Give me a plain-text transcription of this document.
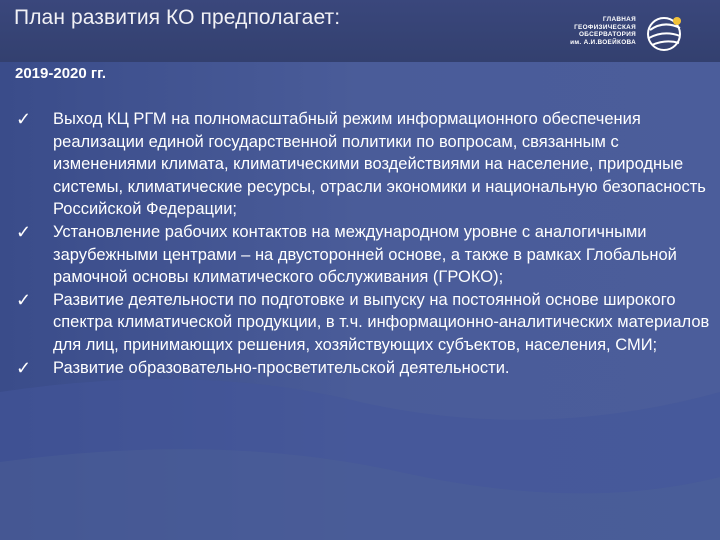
План развития КО предполагает:	ГЛАВНАЯ
ГЕОФИЗИЧЕСКАЯ
ОБСЕРВАТОРИЯ
им. А.И.ВОЕЙКОВА
2019-2020 гг.
✓ Выход КЦ РГМ на полномасштабный режим информационного обеспечения реализации единой государственной политики по вопросам, связанным с изменениями климата, климатическими воздействиями на население, природные системы, климатические ресурсы, отрасли экономики и национальную безопасность Российской Федерации;
✓ Установление рабочих контактов на международном уровне с аналогичными зарубежными центрами – на двусторонней основе, а также в рамках Глобальной рамочной основы климатического обслуживания (ГРОКО);
✓ Развитие деятельности по подготовке и выпуску на постоянной основе широкого спектра климатической продукции, в т.ч. информационно-аналитических материалов для лиц, принимающих решения, хозяйствующих субъектов, населения, СМИ;
✓ Развитие образовательно-просветительской деятельности.
